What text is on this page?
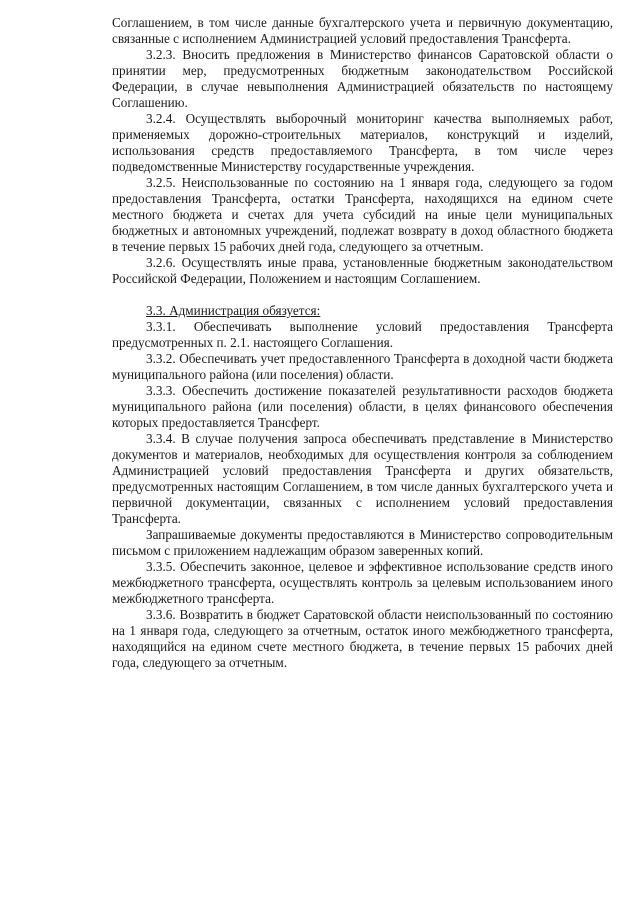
Соглашением, в том числе данные бухгалтерского учета и первичную документацию, связанные с исполнением Администрацией условий предоставления Трансферта.

3.2.3. Вносить предложения в Министерство финансов Саратовской области о принятии мер, предусмотренных бюджетным законодательством Российской Федерации, в случае невыполнения Администрацией обязательств по настоящему Соглашению.

3.2.4. Осуществлять выборочный мониторинг качества выполняемых работ, применяемых дорожно-строительных материалов, конструкций и изделий, использования средств предоставляемого Трансферта, в том числе через подведомственные Министерству государственные учреждения.

3.2.5. Неиспользованные по состоянию на 1 января года, следующего за годом предоставления Трансферта, остатки Трансферта, находящихся на едином счете местного бюджета и счетах для учета субсидий на иные цели муниципальных бюджетных и автономных учреждений, подлежат возврату в доход областного бюджета в течение первых 15 рабочих дней года, следующего за отчетным.

3.2.6. Осуществлять иные права, установленные бюджетным законодательством Российской Федерации, Положением и настоящим Соглашением.

3.3. Администрация обязуется:

3.3.1. Обеспечивать выполнение условий предоставления Трансферта предусмотренных п. 2.1. настоящего Соглашения.

3.3.2. Обеспечивать учет предоставленного Трансферта в доходной части бюджета муниципального района (или поселения) области.

3.3.3. Обеспечить достижение показателей результативности расходов бюджета муниципального района (или поселения) области, в целях финансового обеспечения которых предоставляется Трансферт.

3.3.4. В случае получения запроса обеспечивать представление в Министерство документов и материалов, необходимых для осуществления контроля за соблюдением Администрацией условий предоставления Трансферта и других обязательств, предусмотренных настоящим Соглашением, в том числе данных бухгалтерского учета и первичной документации, связанных с исполнением условий предоставления Трансферта.

Запрашиваемые документы предоставляются в Министерство сопроводительным письмом с приложением надлежащим образом заверенных копий.

3.3.5. Обеспечить законное, целевое и эффективное использование средств иного межбюджетного трансферта, осуществлять контроль за целевым использованием иного межбюджетного трансферта.

3.3.6. Возвратить в бюджет Саратовской области неиспользованный по состоянию на 1 января года, следующего за отчетным, остаток иного межбюджетного трансферта, находящийся на едином счете местного бюджета, в течение первых 15 рабочих дней года, следующего за отчетным.
